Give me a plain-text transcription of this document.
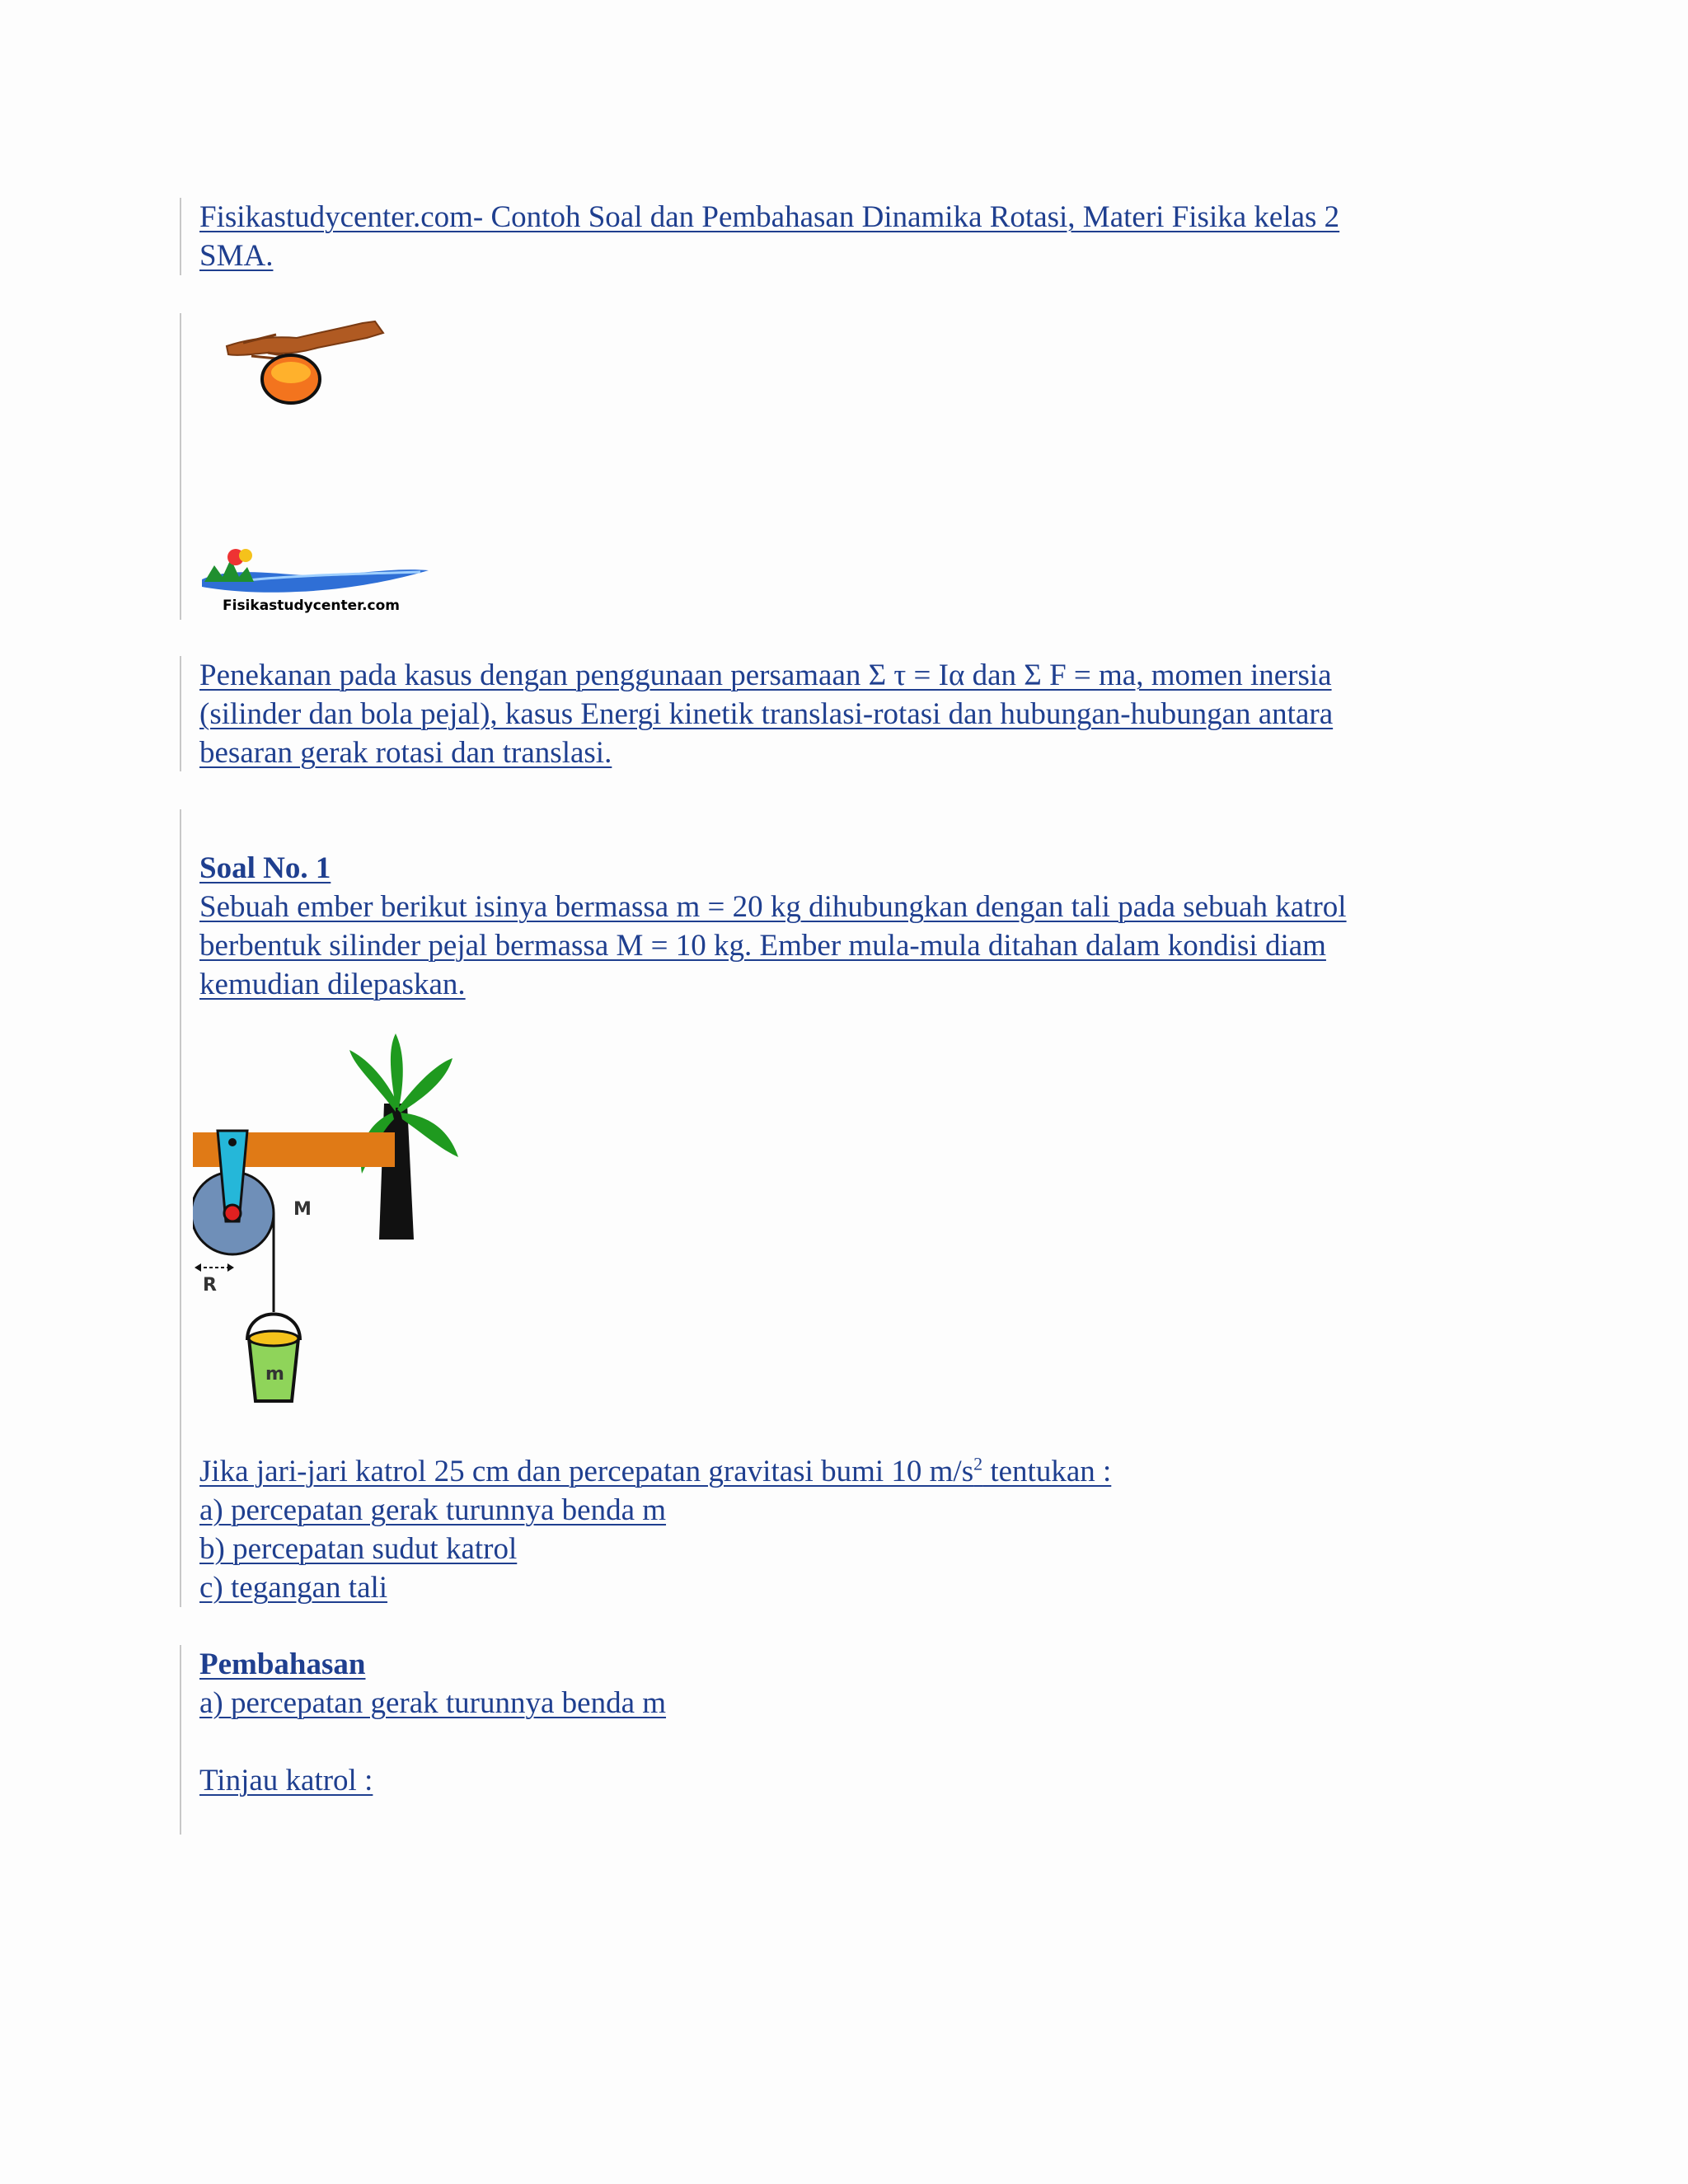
Fisikastudycenter.com- Contoh Soal dan Pembahasan Dinamika Rotasi, Materi Fisika kelas 2
SMA.
Fisikastudycenter.com
Penekanan pada kasus dengan penggunaan persamaan Σ τ = Iα dan Σ F = ma, momen inersia
(silinder dan bola pejal), kasus Energi kinetik translasi-rotasi dan hubungan-hubungan antara
besaran gerak rotasi dan translasi.
Soal No. 1
Sebuah ember berikut isinya bermassa m = 20 kg dihubungkan dengan tali pada sebuah katrol
berbentuk silinder pejal bermassa M = 10 kg. Ember mula-mula ditahan dalam kondisi diam
kemudian dilepaskan.
M
R
m
Jika jari-jari katrol 25 cm dan percepatan gravitasi bumi 10 $m/s^2$ tentukan :
a) percepatan gerak turunnya benda m
b) percepatan sudut katrol
c) tegangan tali
Pembahasan
a) percepatan gerak turunnya benda m
Tinjau katrol :
